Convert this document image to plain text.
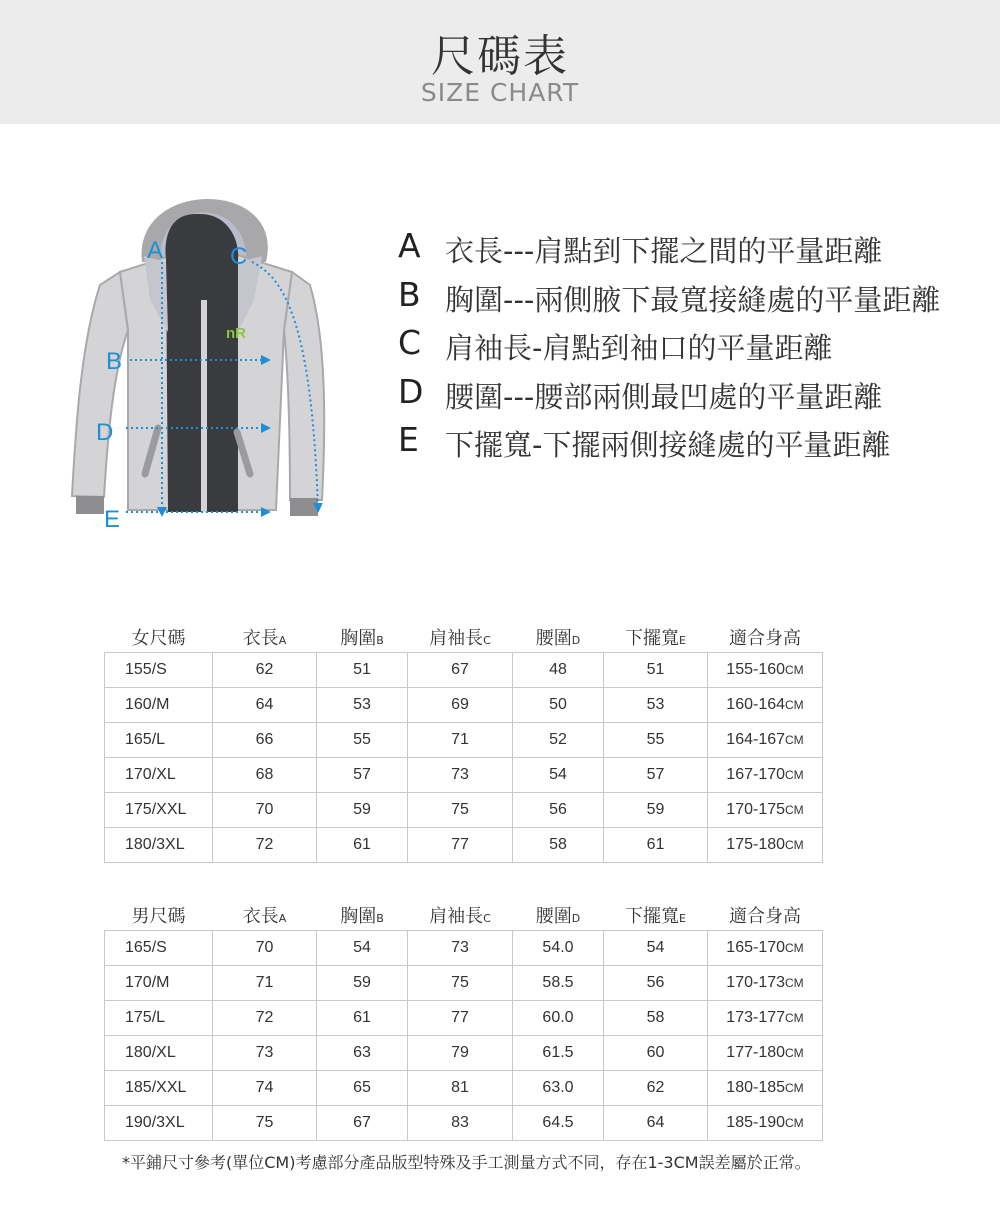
尺碼表
SIZE CHART
nR
A
B
C
D
E
A 衣長---肩點到下擺之間的平量距離
B 胸圍---兩側腋下最寬接縫處的平量距離
C 肩袖長-肩點到袖口的平量距離
D 腰圍---腰部兩側最凹處的平量距離
E 下擺寬-下擺兩側接縫處的平量距離
女尺碼	衣長A	胸圍B	肩袖長C	腰圍D	下擺寬E	適合身高
155/S	62	51	67	48	51	155-160CM
160/M	64	53	69	50	53	160-164CM
165/L	66	55	71	52	55	164-167CM
170/XL	68	57	73	54	57	167-170CM
175/XXL	70	59	75	56	59	170-175CM
180/3XL	72	61	77	58	61	175-180CM
男尺碼	衣長A	胸圍B	肩袖長C	腰圍D	下擺寬E	適合身高
165/S	70	54	73	54.0	54	165-170CM
170/M	71	59	75	58.5	56	170-173CM
175/L	72	61	77	60.0	58	173-177CM
180/XL	73	63	79	61.5	60	177-180CM
185/XXL	74	65	81	63.0	62	180-185CM
190/3XL	75	67	83	64.5	64	185-190CM
*平鋪尺寸參考(單位CM)考慮部分產品版型特殊及手工測量方式不同，存在1-3CM誤差屬於正常。
